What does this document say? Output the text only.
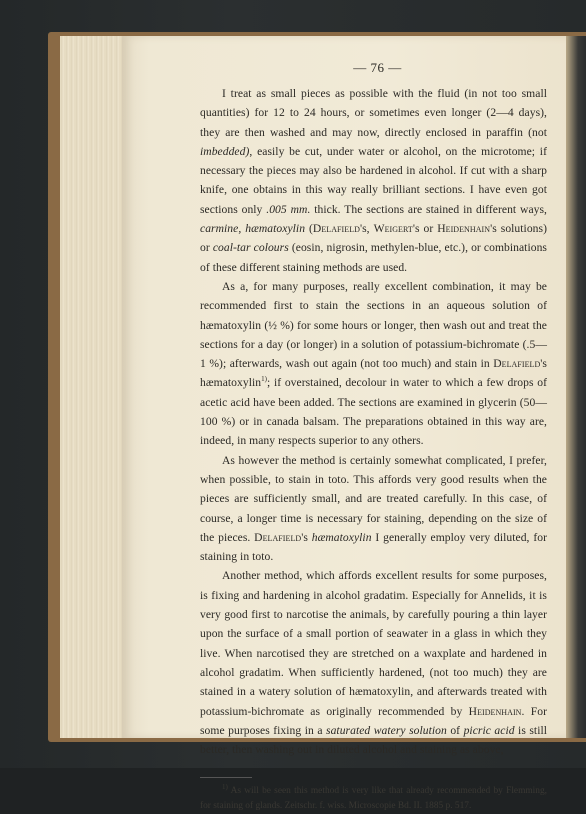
— 76 —

I treat as small pieces as possible with the fluid (in not too small quantities) for 12 to 24 hours, or sometimes even longer (2—4 days), they are then washed and may now, directly enclosed in paraffin (not imbedded), easily be cut, under water or alcohol, on the microtome; if necessary the pieces may also be hardened in alcohol. If cut with a sharp knife, one obtains in this way really brilliant sections. I have even got sections only .005 mm. thick. The sections are stained in different ways, carmine, hæmatoxylin (Delafield's, Weigert's or Heidenhain's solutions) or coal-tar colours (eosin, nigrosin, methylen-blue, etc.), or combinations of these different staining methods are used.

As a, for many purposes, really excellent combination, it may be recommended first to stain the sections in an aqueous solution of hæmatoxylin (½ %) for some hours or longer, then wash out and treat the sections for a day (or longer) in a solution of potassium-bichromate (.5—1 %); afterwards, wash out again (not too much) and stain in Delafield's hæmatoxylin$^{1)}$; if overstained, decolour in water to which a few drops of acetic acid have been added. The sections are examined in glycerin (50—100 %) or in canada balsam. The preparations obtained in this way are, indeed, in many respects superior to any others.

As however the method is certainly somewhat complicated, I prefer, when possible, to stain in toto. This affords very good results when the pieces are sufficiently small, and are treated carefully. In this case, of course, a longer time is necessary for staining, depending on the size of the pieces. Delafield's hæmatoxylin I generally employ very diluted, for staining in toto.

Another method, which affords excellent results for some purposes, is fixing and hardening in alcohol gradatim. Especially for Annelids, it is very good first to narcotise the animals, by carefully pouring a thin layer upon the surface of a small portion of seawater in a glass in which they live. When narcotised they are stretched on a waxplate and hardened in alcohol gradatim. When sufficiently hardened, (not too much) they are stained in a watery solution of hæmatoxylin, and afterwards treated with potassium-bichromate as originally recommended by Heidenhain. For some purposes fixing in a saturated watery solution of picric acid is still better, then washing out in diluted alcohol and staining as above,

$^{1)}$ As will be seen this method is very like that already recommended by Flemming, for staining of glands. Zeitschr. f. wiss. Microscopie Bd. II. 1885 p. 517.
